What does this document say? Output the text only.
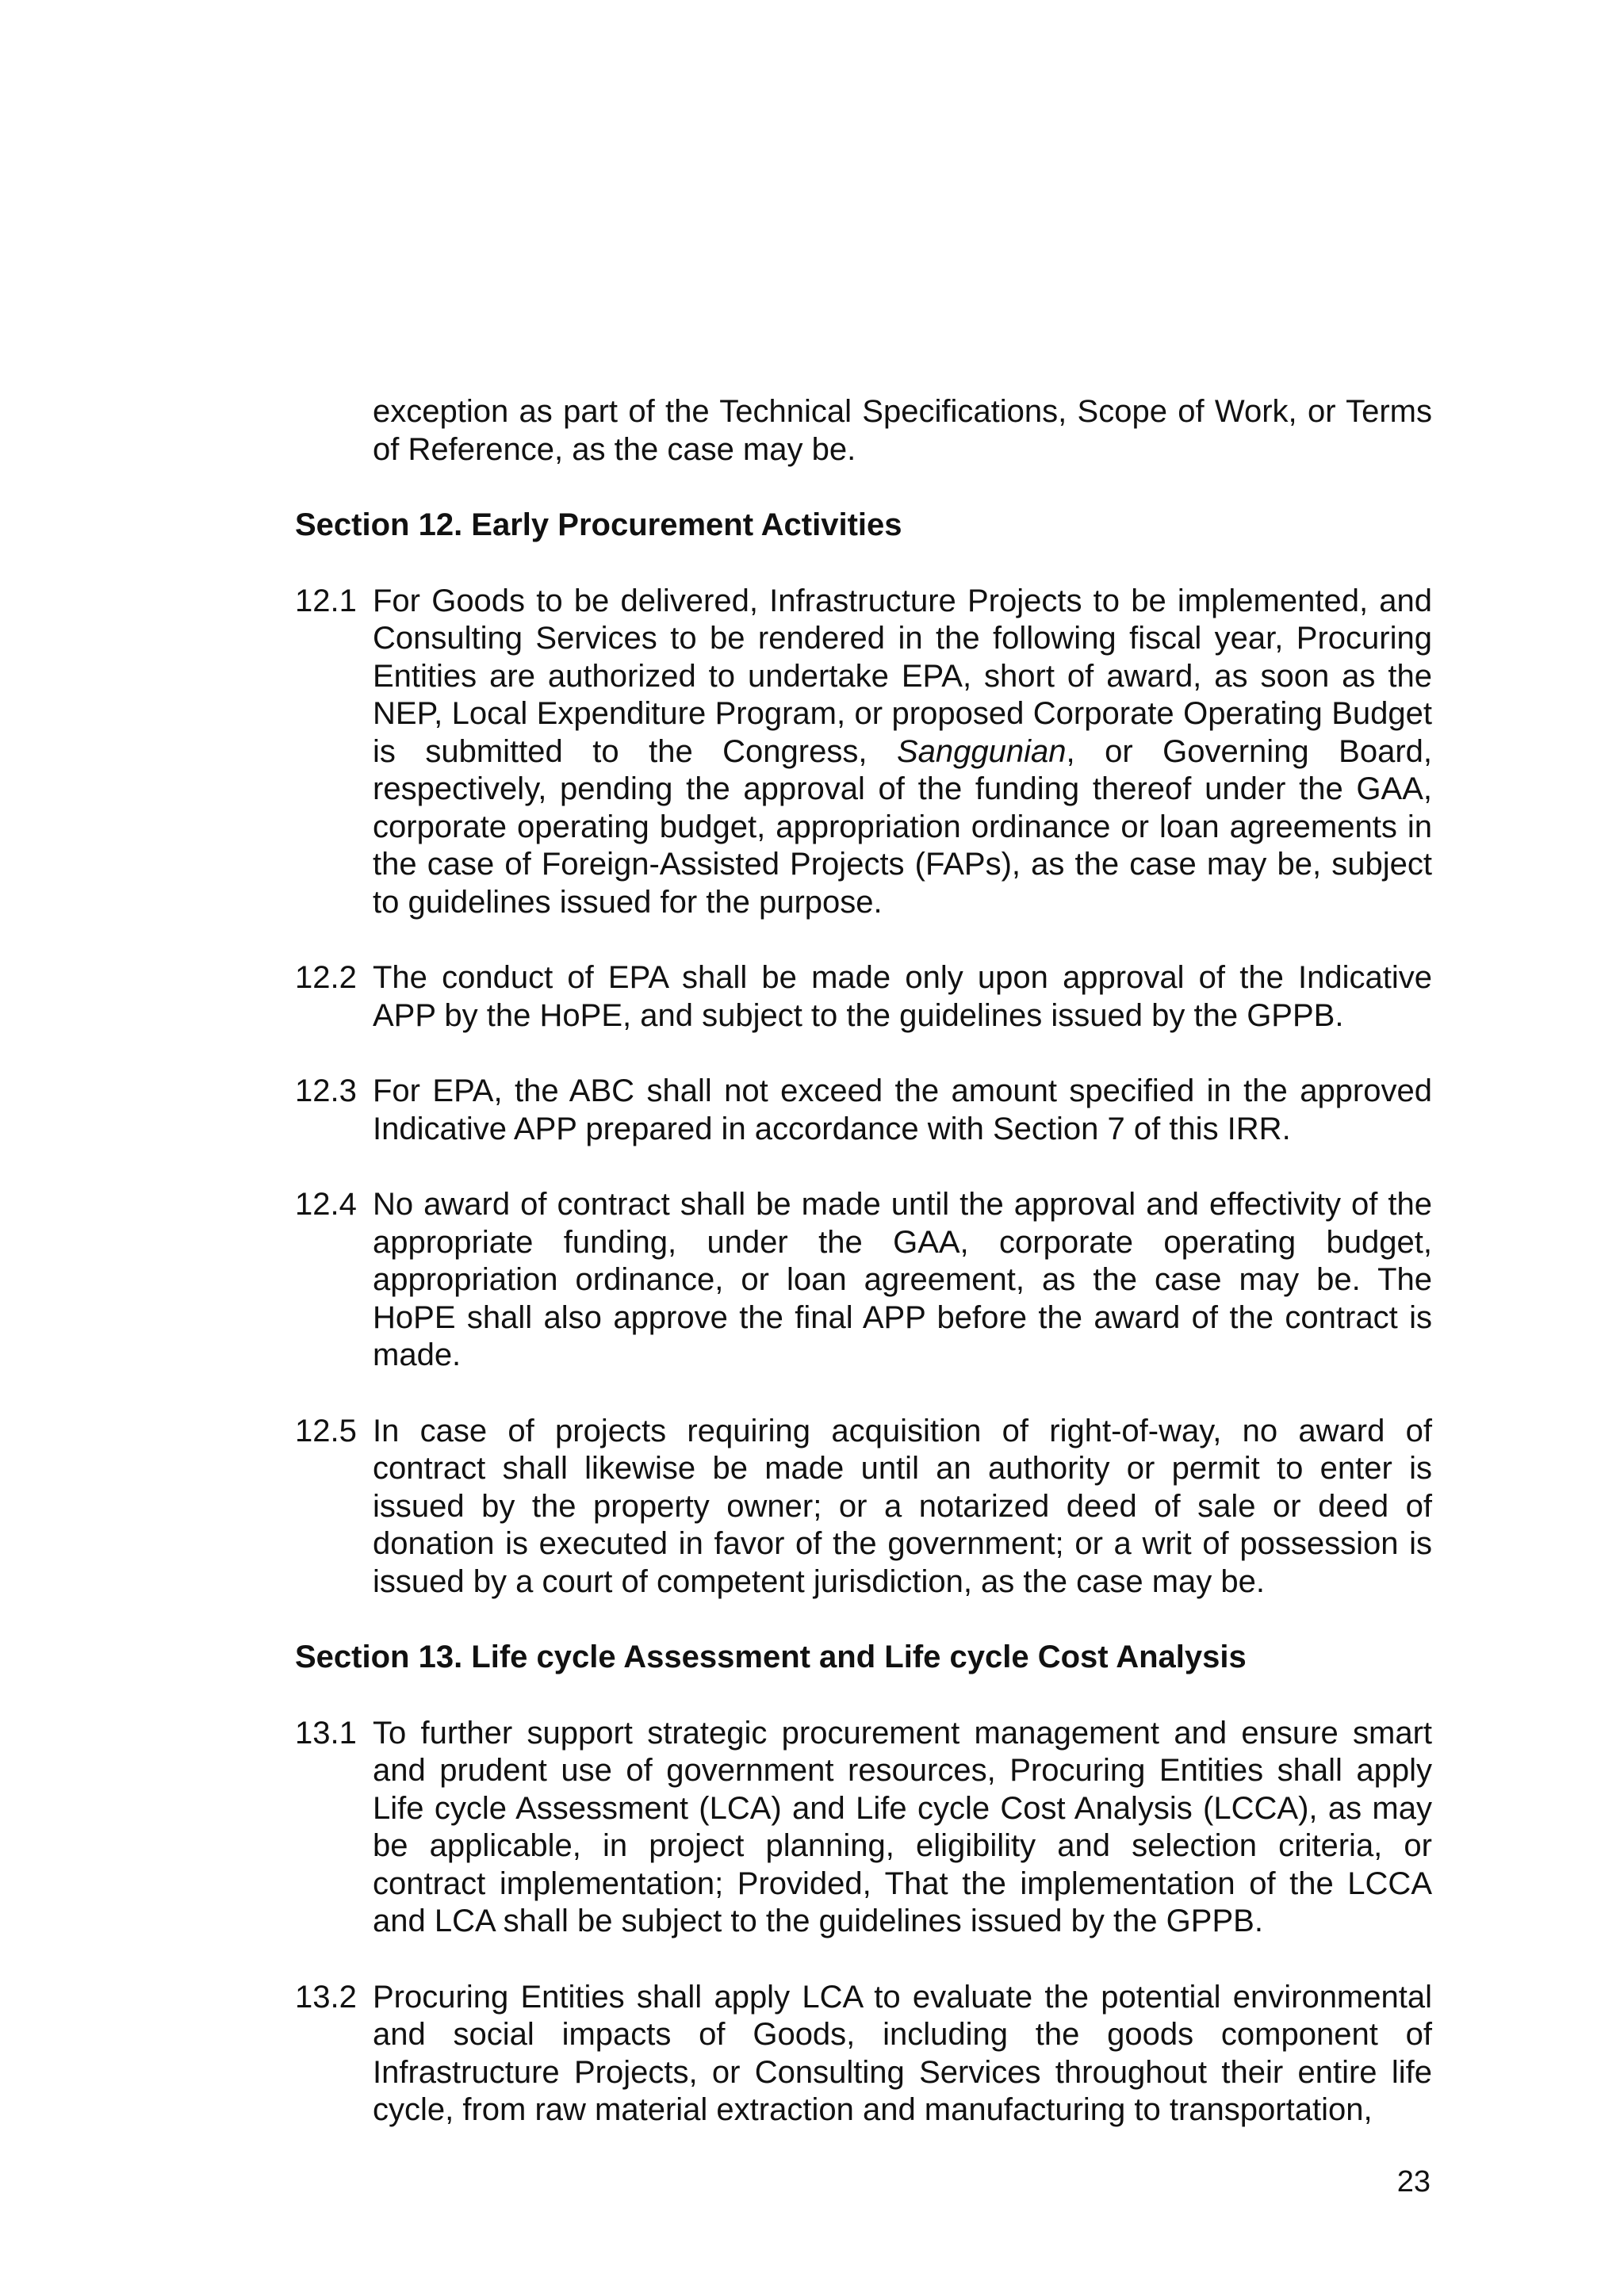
exception as part of the Technical Specifications, Scope of Work, or Terms of Reference, as the case may be.

Section 12. Early Procurement Activities
12.1 For Goods to be delivered, Infrastructure Projects to be implemented, and Consulting Services to be rendered in the following fiscal year, Procuring Entities are authorized to undertake EPA, short of award, as soon as the NEP, Local Expenditure Program, or proposed Corporate Operating Budget is submitted to the Congress, Sanggunian, or Governing Board, respectively, pending the approval of the funding thereof under the GAA, corporate operating budget, appropriation ordinance or loan agreements in the case of Foreign-Assisted Projects (FAPs), as the case may be, subject to guidelines issued for the purpose.
12.2 The conduct of EPA shall be made only upon approval of the Indicative APP by the HoPE, and subject to the guidelines issued by the GPPB.
12.3 For EPA, the ABC shall not exceed the amount specified in the approved Indicative APP prepared in accordance with Section 7 of this IRR.
12.4 No award of contract shall be made until the approval and effectivity of the appropriate funding, under the GAA, corporate operating budget, appropriation ordinance, or loan agreement, as the case may be. The HoPE shall also approve the final APP before the award of the contract is made.
12.5 In case of projects requiring acquisition of right-of-way, no award of contract shall likewise be made until an authority or permit to enter is issued by the property owner; or a notarized deed of sale or deed of donation is executed in favor of the government; or a writ of possession is issued by a court of competent jurisdiction, as the case may be.
Section 13. Life cycle Assessment and Life cycle Cost Analysis
13.1 To further support strategic procurement management and ensure smart and prudent use of government resources, Procuring Entities shall apply Life cycle Assessment (LCA) and Life cycle Cost Analysis (LCCA), as may be applicable, in project planning, eligibility and selection criteria, or contract implementation; Provided, That the implementation of the LCCA and LCA shall be subject to the guidelines issued by the GPPB.
13.2 Procuring Entities shall apply LCA to evaluate the potential environmental and social impacts of Goods, including the goods component of Infrastructure Projects, or Consulting Services throughout their entire life cycle, from raw material extraction and manufacturing to transportation,
23
